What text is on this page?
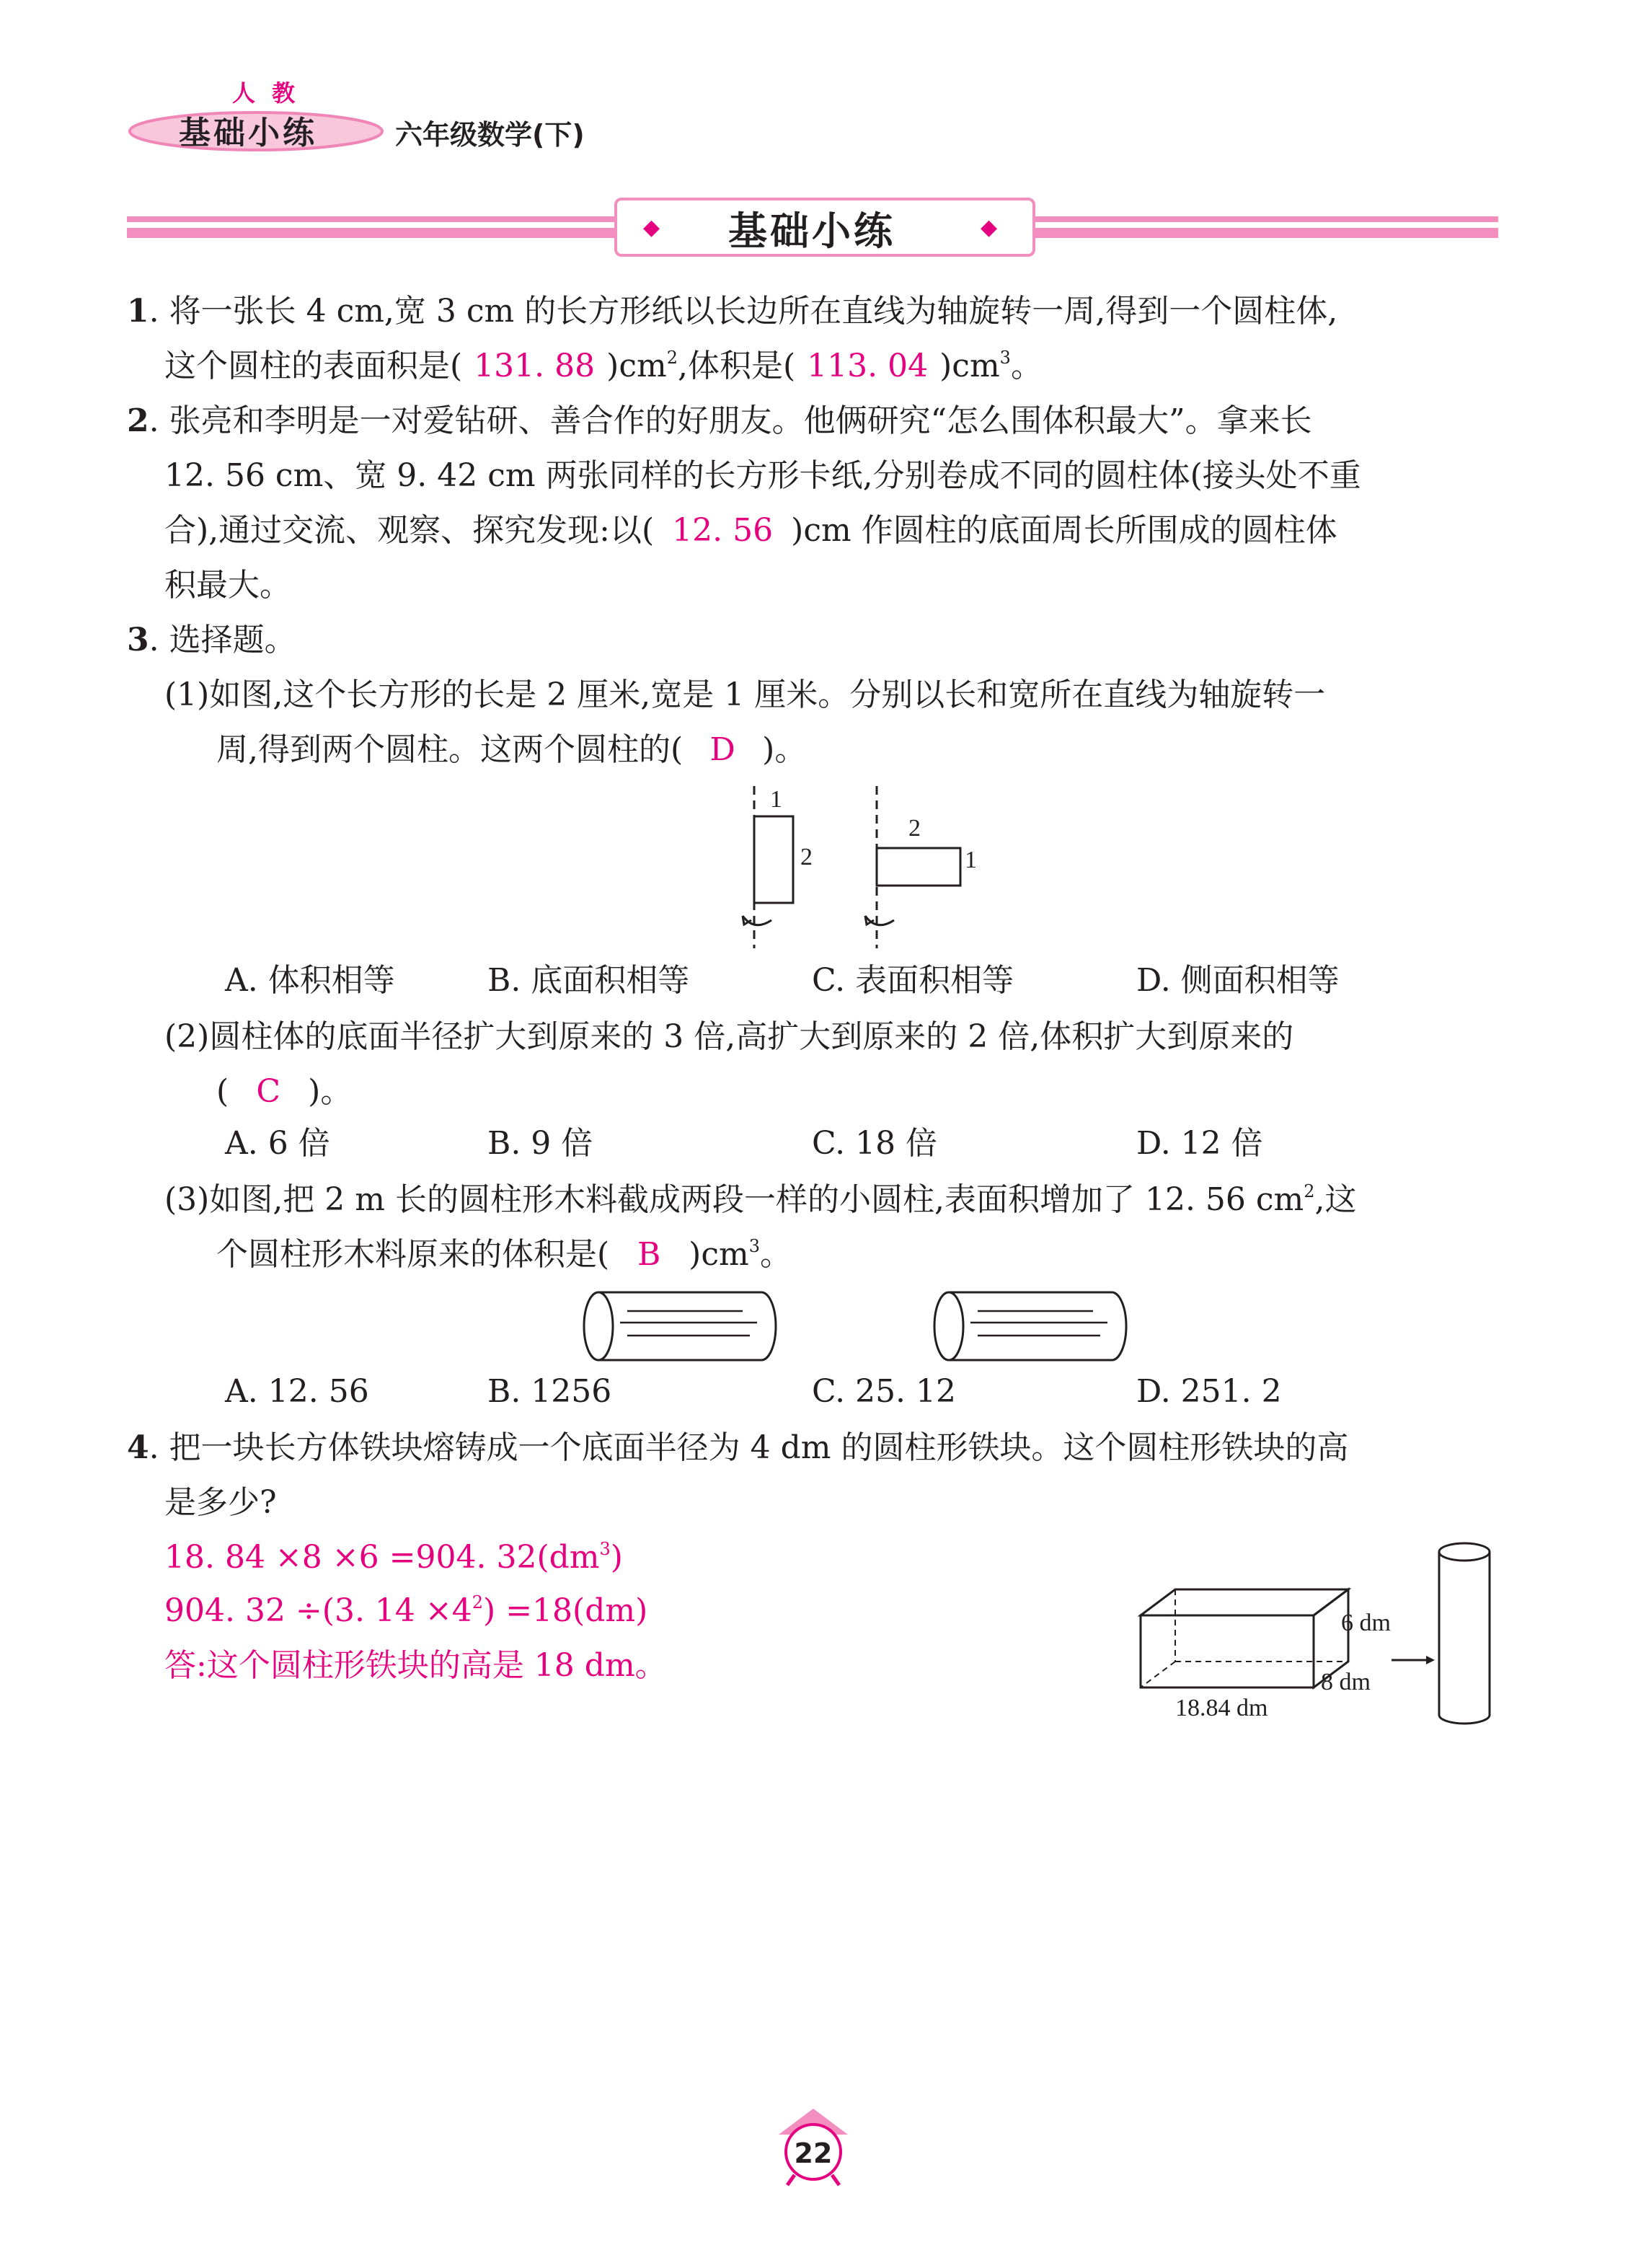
人 教
基础小练	六年级数学(下)
◆	◆
基础小练
1. 将一张长 4 cm,宽 3 cm 的长方形纸以长边所在直线为轴旋转一周,得到一个圆柱体,
这个圆柱的表面积是( 131. 88 )$cm^2$,体积是( 113. 04 )$cm^3$。
2. 张亮和李明是一对爱钻研、善合作的好朋友。他俩研究“怎么围体积最大”。拿来长
12. 56 cm、宽 9. 42 cm 两张同样的长方形卡纸,分别卷成不同的圆柱体(接头处不重
合),通过交流、观察、探究发现:以( 12. 56 )cm 作圆柱的底面周长所围成的圆柱体
积最大。
3. 选择题。
(1)如图,这个长方形的长是 2 厘米,宽是 1 厘米。分别以长和宽所在直线为轴旋转一
周,得到两个圆柱。这两个圆柱的( D )。
1
2
2
1
A. 体积相等	B. 底面积相等	C. 表面积相等	D. 侧面积相等
(2)圆柱体的底面半径扩大到原来的 3 倍,高扩大到原来的 2 倍,体积扩大到原来的
( C )。
A. 6 倍	B. 9 倍	C. 18 倍	D. 12 倍
(3)如图,把 2 m 长的圆柱形木料截成两段一样的小圆柱,表面积增加了 12. 56 $cm^2$,这
个圆柱形木料原来的体积是( B )$cm^3$。
A. 12. 56	B. 1256	C. 25. 12	D. 251. 2
4. 把一块长方体铁块熔铸成一个底面半径为 4 dm 的圆柱形铁块。这个圆柱形铁块的高
是多少?
18. 84 ×8 ×6 =904. $32(dm^3)$
904. 32 ÷(3. $14 \times 4^2) =18(dm)$
答:这个圆柱形铁块的高是 18 dm。
6 dm
8 dm
18.84 dm
22
